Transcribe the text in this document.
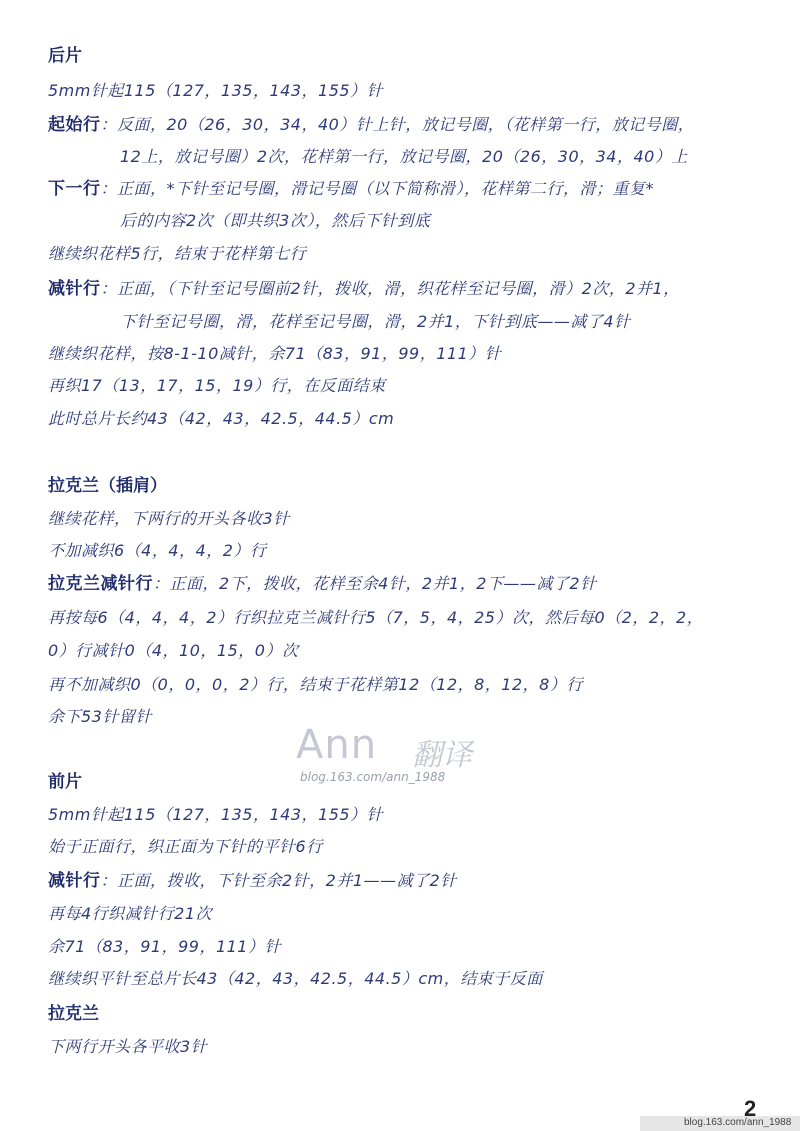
后片
5mm针起115（127，135，143，155）针
起始行：反面，20（26，30，34，40）针上针，放记号圈，（花样第一行，放记号圈，
12上，放记号圈）2次，花样第一行，放记号圈，20（26，30，34，40）上
下一行：正面，*下针至记号圈，滑记号圈（以下简称滑），花样第二行，滑；重复*
后的内容2次（即共织3次），然后下针到底
继续织花样5行，结束于花样第七行
减针行：正面，（下针至记号圈前2针，拨收，滑，织花样至记号圈，滑）2次，2并1，
下针至记号圈，滑，花样至记号圈，滑，2并1，下针到底——减了4针
继续织花样，按8-1-10减针，余71（83，91，99，111）针
再织17（13，17，15，19）行，在反面结束
此时总片长约43（42，43，42.5，44.5）cm
拉克兰（插肩）
继续花样，下两行的开头各收3针
不加减织6（4，4，4，2）行
拉克兰减针行：正面，2下，拨收，花样至余4针，2并1，2下——减了2针
再按每6（4，4，4，2）行织拉克兰减针行5（7，5，4，25）次，然后每0（2，2，2，
0）行减针0（4，10，15，0）次
再不加减织0（0，0，0，2）行，结束于花样第12（12，8，12，8）行
余下53针留针
Ann 翻译
blog.163.com/ann_1988
前片
5mm针起115（127，135，143，155）针
始于正面行，织正面为下针的平针6行
减针行：正面，拨收，下针至余2针，2并1——减了2针
再每4行织减针行21次
余71（83，91，99，111）针
继续织平针至总片长43（42，43，42.5，44.5）cm，结束于反面
拉克兰
下两行开头各平收3针
blog.163.com/ann_1988
2
